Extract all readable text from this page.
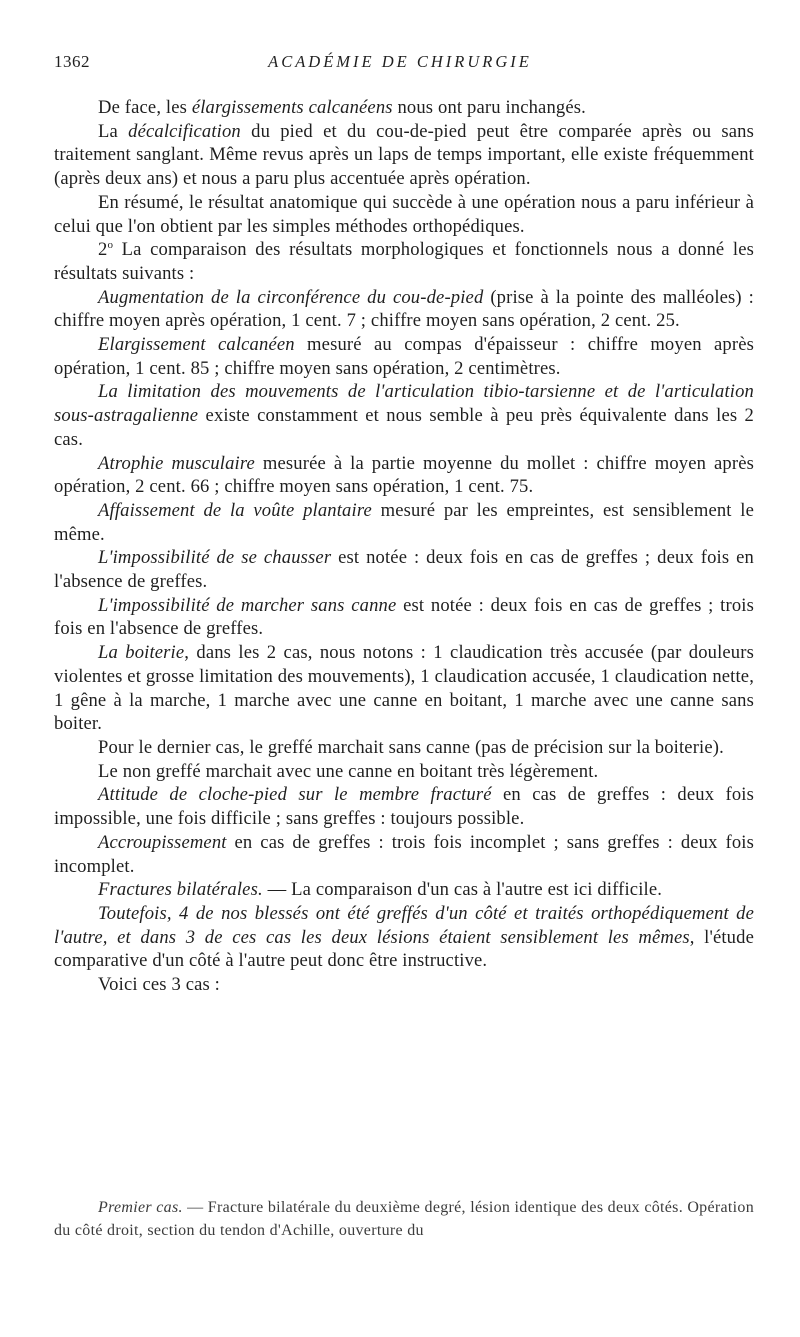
1362	ACADÉMIE DE CHIRURGIE

De face, les élargissements calcanéens nous ont paru inchangés.

La décalcification du pied et du cou-de-pied peut être comparée après ou sans traitement sanglant. Même revus après un laps de temps important, elle existe fréquemment (après deux ans) et nous a paru plus accentuée après opération.

En résumé, le résultat anatomique qui succède à une opération nous a paru inférieur à celui que l'on obtient par les simples méthodes orthopédiques.

2$^o$ La comparaison des résultats morphologiques et fonctionnels nous a donné les résultats suivants :

Augmentation de la circonférence du cou-de-pied (prise à la pointe des malléoles) : chiffre moyen après opération, 1 cent. 7 ; chiffre moyen sans opération, 2 cent. 25.

Elargissement calcanéen mesuré au compas d'épaisseur : chiffre moyen après opération, 1 cent. 85 ; chiffre moyen sans opération, 2 centimètres.

La limitation des mouvements de l'articulation tibio-tarsienne et de l'articulation sous-astragalienne existe constamment et nous semble à peu près équivalente dans les 2 cas.

Atrophie musculaire mesurée à la partie moyenne du mollet : chiffre moyen après opération, 2 cent. 66 ; chiffre moyen sans opération, 1 cent. 75.

Affaissement de la voûte plantaire mesuré par les empreintes, est sensiblement le même.

L'impossibilité de se chausser est notée : deux fois en cas de greffes ; deux fois en l'absence de greffes.

L'impossibilité de marcher sans canne est notée : deux fois en cas de greffes ; trois fois en l'absence de greffes.

La boiterie, dans les 2 cas, nous notons : 1 claudication très accusée (par douleurs violentes et grosse limitation des mouvements), 1 claudication accusée, 1 claudication nette, 1 gêne à la marche, 1 marche avec une canne en boitant, 1 marche avec une canne sans boiter.

Pour le dernier cas, le greffé marchait sans canne (pas de précision sur la boiterie).

Le non greffé marchait avec une canne en boitant très légèrement.

Attitude de cloche-pied sur le membre fracturé en cas de greffes : deux fois impossible, une fois difficile ; sans greffes : toujours possible.

Accroupissement en cas de greffes : trois fois incomplet ; sans greffes : deux fois incomplet.

Fractures bilatérales. — La comparaison d'un cas à l'autre est ici difficile.

Toutefois, 4 de nos blessés ont été greffés d'un côté et traités orthopédiquement de l'autre, et dans 3 de ces cas les deux lésions étaient sensiblement les mêmes, l'étude comparative d'un côté à l'autre peut donc être instructive.

Voici ces 3 cas :

Premier cas. — Fracture bilatérale du deuxième degré, lésion identique des deux côtés. Opération du côté droit, section du tendon d'Achille, ouverture du
